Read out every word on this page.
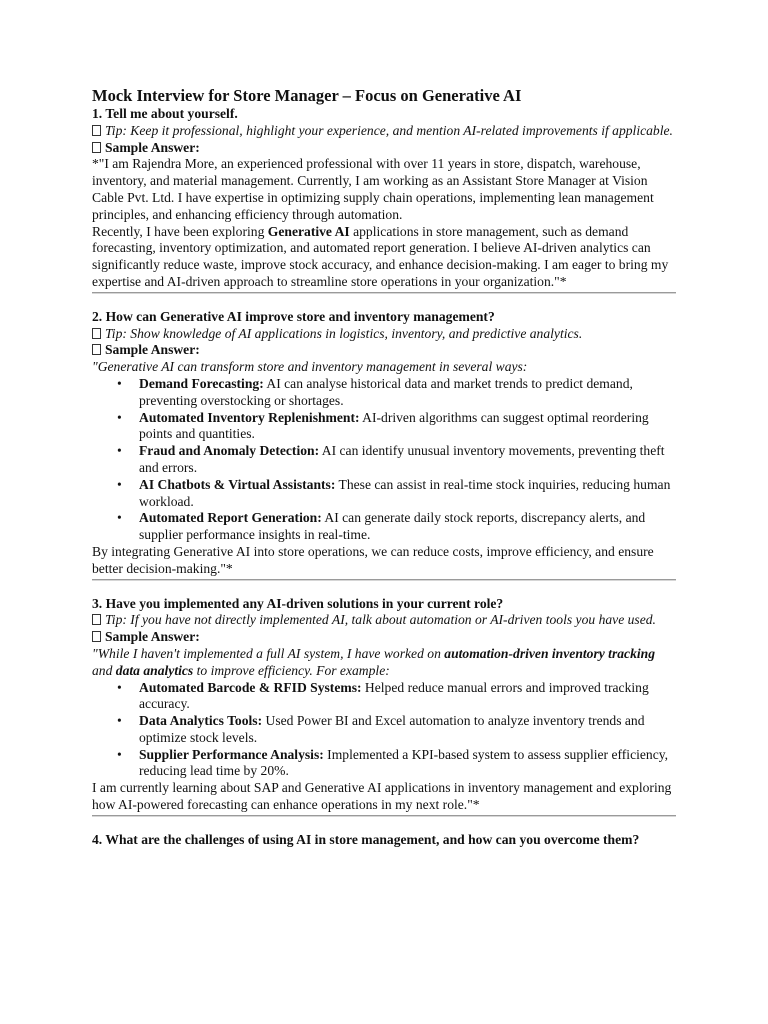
Mock Interview for Store Manager – Focus on Generative AI
1. Tell me about yourself.
Tip: Keep it professional, highlight your experience, and mention AI-related improvements if applicable.
Sample Answer:
*"I am Rajendra More, an experienced professional with over 11 years in store, dispatch, warehouse, inventory, and material management. Currently, I am working as an Assistant Store Manager at Vision Cable Pvt. Ltd. I have expertise in optimizing supply chain operations, implementing lean management principles, and enhancing efficiency through automation.
Recently, I have been exploring Generative AI applications in store management, such as demand forecasting, inventory optimization, and automated report generation. I believe AI-driven analytics can significantly reduce waste, improve stock accuracy, and enhance decision-making. I am eager to bring my expertise and AI-driven approach to streamline store operations in your organization."*
2. How can Generative AI improve store and inventory management?
Tip: Show knowledge of AI applications in logistics, inventory, and predictive analytics.
Sample Answer:
"Generative AI can transform store and inventory management in several ways:
• Demand Forecasting: AI can analyse historical data and market trends to predict demand, preventing overstocking or shortages.
• Automated Inventory Replenishment: AI-driven algorithms can suggest optimal reordering points and quantities.
• Fraud and Anomaly Detection: AI can identify unusual inventory movements, preventing theft and errors.
• AI Chatbots & Virtual Assistants: These can assist in real-time stock inquiries, reducing human workload.
• Automated Report Generation: AI can generate daily stock reports, discrepancy alerts, and supplier performance insights in real-time.
By integrating Generative AI into store operations, we can reduce costs, improve efficiency, and ensure better decision-making."*
3. Have you implemented any AI-driven solutions in your current role?
Tip: If you have not directly implemented AI, talk about automation or AI-driven tools you have used.
Sample Answer:
"While I haven't implemented a full AI system, I have worked on automation-driven inventory tracking and data analytics to improve efficiency. For example:
• Automated Barcode & RFID Systems: Helped reduce manual errors and improved tracking accuracy.
• Data Analytics Tools: Used Power BI and Excel automation to analyze inventory trends and optimize stock levels.
• Supplier Performance Analysis: Implemented a KPI-based system to assess supplier efficiency, reducing lead time by 20%.
I am currently learning about SAP and Generative AI applications in inventory management and exploring how AI-powered forecasting can enhance operations in my next role."*
4. What are the challenges of using AI in store management, and how can you overcome them?
